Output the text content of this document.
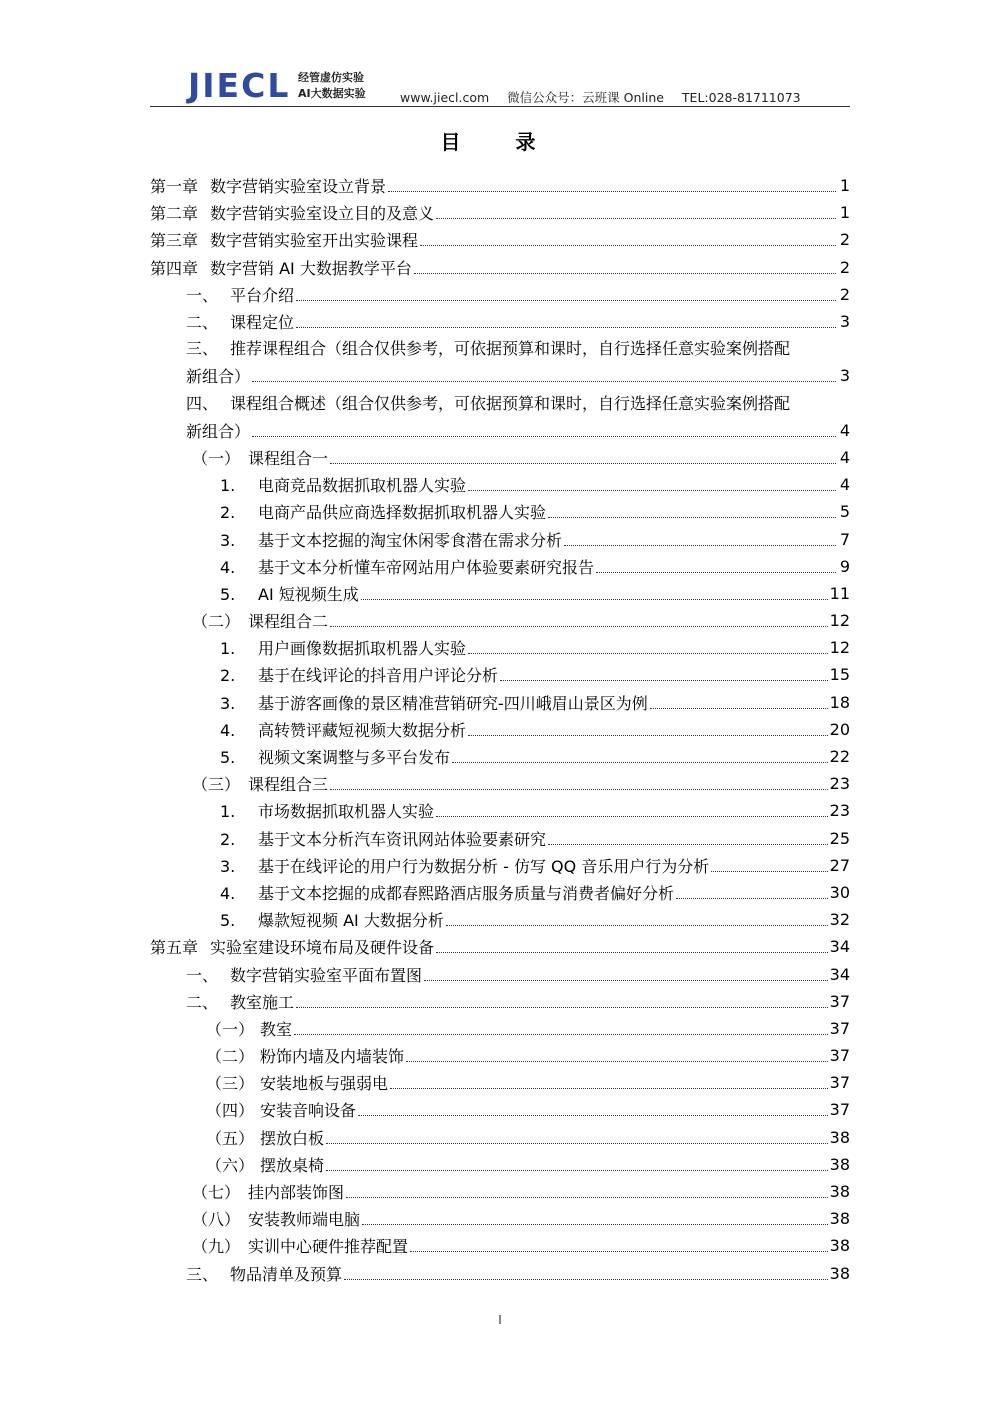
JIECL 经管虚仿实验
AI大数据实验	www.jiecl.com 微信公众号：云班课 Online TEL:028-81711073
目 录
第一章 数字营销实验室设立背景	1
第二章 数字营销实验室设立目的及意义	1
第三章 数字营销实验室开出实验课程	2
第四章 数字营销 AI 大数据教学平台	2
一、 平台介绍	2
二、 课程定位	3
三、 推荐课程组合（组合仅供参考，可依据预算和课时，自行选择任意实验案例搭配
新组合）	3
四、 课程组合概述（组合仅供参考，可依据预算和课时，自行选择任意实验案例搭配
新组合）	4
（一） 课程组合一	4
1. 电商竞品数据抓取机器人实验	4
2. 电商产品供应商选择数据抓取机器人实验	5
3. 基于文本挖掘的淘宝休闲零食潜在需求分析	7
4. 基于文本分析懂车帝网站用户体验要素研究报告	9
5. AI 短视频生成	11
（二） 课程组合二	12
1. 用户画像数据抓取机器人实验	12
2. 基于在线评论的抖音用户评论分析	15
3. 基于游客画像的景区精准营销研究-四川峨眉山景区为例	18
4. 高转赞评藏短视频大数据分析	20
5. 视频文案调整与多平台发布	22
（三） 课程组合三	23
1. 市场数据抓取机器人实验	23
2. 基于文本分析汽车资讯网站体验要素研究	25
3. 基于在线评论的用户行为数据分析 - 仿写 QQ 音乐用户行为分析	27
4. 基于文本挖掘的成都春熙路酒店服务质量与消费者偏好分析	30
5. 爆款短视频 AI 大数据分析	32
第五章 实验室建设环境布局及硬件设备	34
一、 数字营销实验室平面布置图	34
二、 教室施工	37
（一） 教室	37
（二） 粉饰内墙及内墙装饰	37
（三） 安装地板与强弱电	37
（四） 安装音响设备	37
（五） 摆放白板	38
（六） 摆放桌椅	38
（七） 挂内部装饰图	38
（八） 安装教师端电脑	38
（九） 实训中心硬件推荐配置	38
三、 物品清单及预算	38
I
